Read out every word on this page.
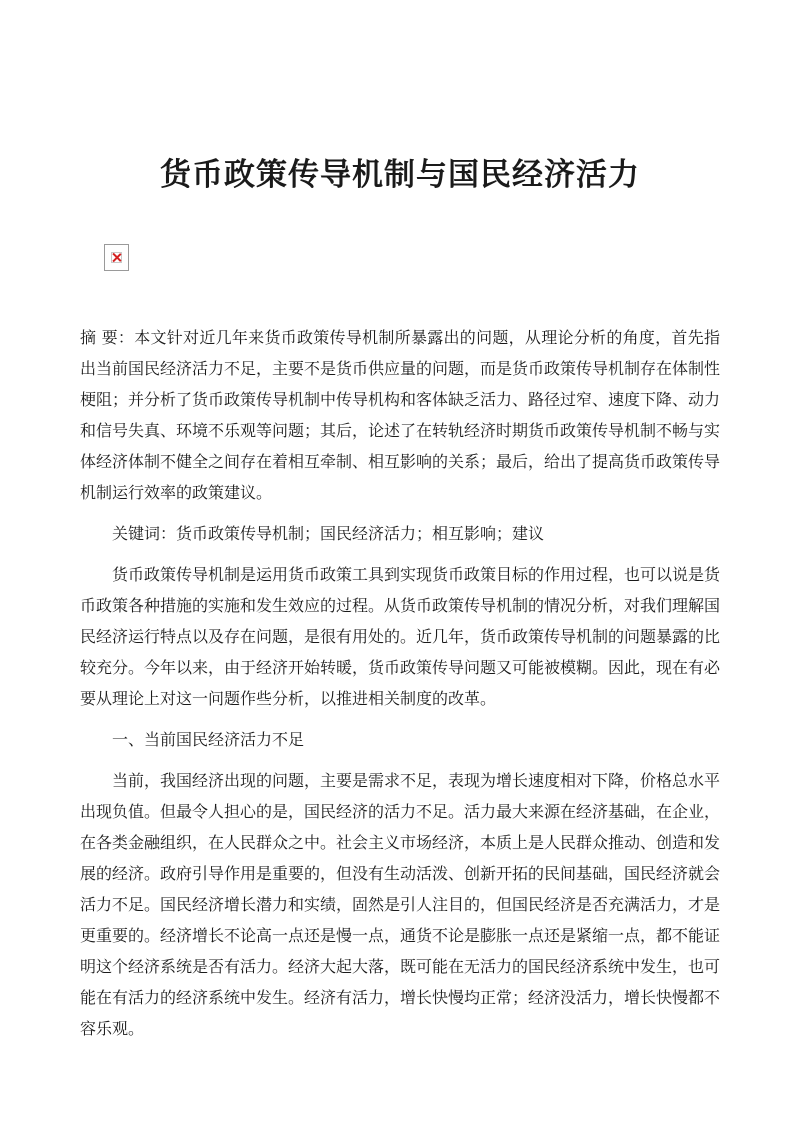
货币政策传导机制与国民经济活力

摘 要：本文针对近几年来货币政策传导机制所暴露出的问题，从理论分析的角度，首先指出当前国民经济活力不足，主要不是货币供应量的问题，而是货币政策传导机制存在体制性梗阻；并分析了货币政策传导机制中传导机构和客体缺乏活力、路径过窄、速度下降、动力和信号失真、环境不乐观等问题；其后，论述了在转轨经济时期货币政策传导机制不畅与实体经济体制不健全之间存在着相互牵制、相互影响的关系；最后，给出了提高货币政策传导机制运行效率的政策建议。

关键词：货币政策传导机制；国民经济活力；相互影响；建议

货币政策传导机制是运用货币政策工具到实现货币政策目标的作用过程，也可以说是货币政策各种措施的实施和发生效应的过程。从货币政策传导机制的情况分析，对我们理解国民经济运行特点以及存在问题，是很有用处的。近几年，货币政策传导机制的问题暴露的比较充分。今年以来，由于经济开始转暖，货币政策传导问题又可能被模糊。因此，现在有必要从理论上对这一问题作些分析，以推进相关制度的改革。

一、当前国民经济活力不足

当前，我国经济出现的问题，主要是需求不足，表现为增长速度相对下降，价格总水平出现负值。但最令人担心的是，国民经济的活力不足。活力最大来源在经济基础，在企业，在各类金融组织，在人民群众之中。社会主义市场经济，本质上是人民群众推动、创造和发展的经济。政府引导作用是重要的，但没有生动活泼、创新开拓的民间基础，国民经济就会活力不足。国民经济增长潜力和实绩，固然是引人注目的，但国民经济是否充满活力，才是更重要的。经济增长不论高一点还是慢一点，通货不论是膨胀一点还是紧缩一点，都不能证明这个经济系统是否有活力。经济大起大落，既可能在无活力的国民经济系统中发生，也可能在有活力的经济系统中发生。经济有活力，增长快慢均正常；经济没活力，增长快慢都不容乐观。
